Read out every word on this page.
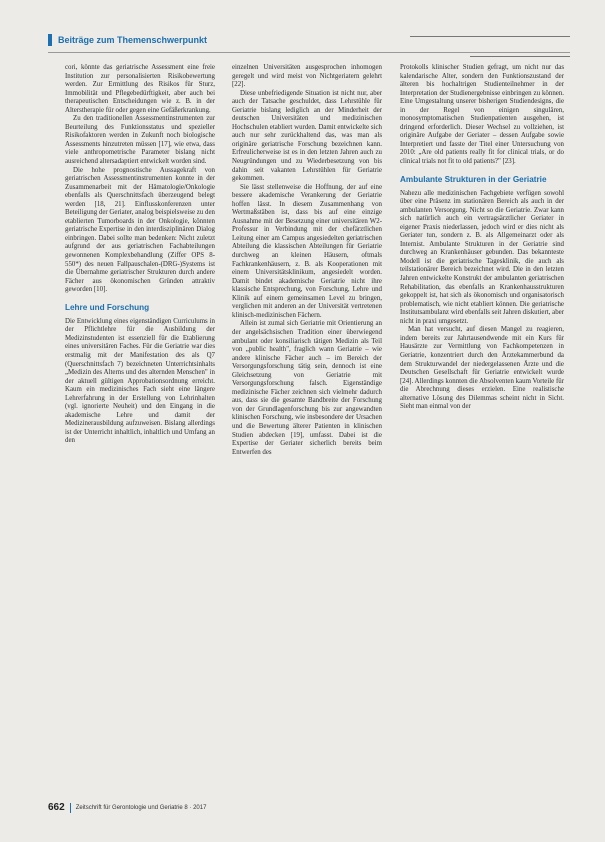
Beiträge zum Themenschwerpunkt

cori, könnte das geriatrische Assessment eine freie Institution zur personalisierten Risikobewertung werden. Zur Ermittlung des Risikos für Sturz, Immobilität und Pflegebedürftigkeit, aber auch bei therapeutischen Entscheidungen wie z. B. in der Alterstherapie für oder gegen eine Gefäßerkrankung.

Zu den traditionellen Assessmentinstrumenten zur Beurteilung des Funktionsstatus und spezieller Risikofaktoren werden in Zukunft noch biologische Assessments hinzutreten müssen [17], wie etwa, dass viele anthropometrische Parameter bislang nicht ausreichend altersadaptiert entwickelt worden sind.

Die hohe prognostische Aussagekraft von geriatrischen Assessmentinstrumenten konnte in der Zusammenarbeit mit der Hämatologie/Onkologie ebenfalls als Querschnittsfach überzeugend belegt werden [18, 21]. Einflusskonferenzen unter Beteiligung der Geriater, analog beispielsweise zu den etablierten Tumorboards in der Onkologie, könnten geriatrische Expertise in den interdisziplinären Dialog einbringen. Dabei sollte man bedenken: Nicht zuletzt aufgrund der aus geriatrischen Fachabteilungen gewonnenen Komplexbehandlung (Ziffer OPS 8-550*) des neuen Fallpauschalen-(DRG-)Systems ist die Übernahme geriatrischer Strukturen durch andere Fächer aus ökonomischen Gründen attraktiv geworden [10].

Lehre und Forschung

Die Entwicklung eines eigenständigen Curriculums in der Pflichtlehre für die Ausbildung der Medizinstudenten ist essenziell für die Etablierung eines universitären Faches. Für die Geriatrie war dies erstmalig mit der Manifestation des als Q7 (Querschnittsfach 7) bezeichneten Unterrichtsinhalts „Medizin des Alterns und des alternden Menschen" in der aktuell gültigen Approbationsordnung erreicht. Kaum ein medizinisches Fach sieht eine längere Lehrerfahrung in der Erstellung von Lehrinhalten (vgl. ignorierte Neuheit) und den Eingang in die akademische Lehre und damit der Medizinerausbildung aufzuweisen. Bislang allerdings ist der Unterricht inhaltlich, inhaltlich und Umfang an den

einzelnen Universitäten ausgesprochen inhomogen geregelt und wird meist von Nichtgeriatern gelehrt [22].

Diese unbefriedigende Situation ist nicht nur, aber auch der Tatsache geschuldet, dass Lehrstühle für Geriatrie bislang lediglich an der Minderheit der deutschen Universitäten und medizinischen Hochschulen etabliert wurden. Damit entwickelte sich auch nur sehr zurückhaltend das, was man als originäre geriatrische Forschung bezeichnen kann. Erfreulicherweise ist es in den letzten Jahren auch zu Neugründungen und zu Wiederbesetzung von bis dahin seit vakanten Lehrstühlen für Geriatrie gekommen.

Sie lässt stellenweise die Hoffnung, der auf eine bessere akademische Verankerung der Geriatrie hoffen lässt. In diesem Zusammenhang von Wertmaßstäben ist, dass bis auf eine einzige Ausnahme mit der Besetzung einer universitären W2-Professur in Verbindung mit der chefärztlichen Leitung einer am Campus angesiedelten geriatrischen Abteilung die klassischen Abteilungen für Geriatrie durchweg an kleinen Häusern, oftmals Fachkrankenhäusern, z. B. als Kooperationen mit einem Universitätsklinikum, angesiedelt worden. Damit bindet akademische Geriatrie nicht ihre klassische Entsprechung, von Forschung, Lehre und Klinik auf einem gemeinsamen Level zu bringen, verglichen mit anderen an der Universität vertretenen klinisch-medizinischen Fächern.

Allein ist zumal sich Geriatrie mit Orientierung an der angelsächsischen Tradition einer überwiegend ambulant oder konsiliarisch tätigen Medizin als Teil von „public health", fraglich wann Geriatrie – wie andere klinische Fächer auch – im Bereich der Versorgungsforschung tätig sein, dennoch ist eine Gleichsetzung von Geriatrie mit Versorgungsforschung falsch. Eigenständige medizinische Fächer zeichnen sich vielmehr dadurch aus, dass sie die gesamte Bandbreite der Forschung von der Grundlagenforschung bis zur angewandten klinischen Forschung, wie insbesondere der Ursachen und die Bewertung älterer Patienten in klinischen Studien abdecken [19], umfasst. Dabei ist die Expertise der Geriater sicherlich bereits beim Entwerfen des

Protokolls klinischer Studien gefragt, um nicht nur das kalendarische Alter, sondern den Funktionszustand der älteren bis hochaltrigen Studienteilnehmer in der Interpretation der Studienergebnisse einbringen zu können. Eine Umgestaltung unserer bisherigen Studiendesigns, die in der Regel von einigen singulären, monosymptomatischen Studienpatienten ausgehen, ist dringend erforderlich. Dieser Wechsel zu vollziehen, ist originäre Aufgabe der Geriater – dessen Aufgabe sowie Interpretiert und fasste der Titel einer Untersuchung von 2010: „Are old patients really fit for clinical trials, or do clinical trials not fit to old patients?" [23].

Ambulante Strukturen in der Geriatrie

Nahezu alle medizinischen Fachgebiete verfügen sowohl über eine Präsenz im stationären Bereich als auch in der ambulanten Versorgung. Nicht so die Geriatrie. Zwar kann sich natürlich auch ein vertragsärztlicher Geriater in eigener Praxis niederlassen, jedoch wird er dies nicht als Geriater tun, sondern z. B. als Allgemeinarzt oder als Internist. Ambulante Strukturen in der Geriatrie sind durchweg an Krankenhäuser gebunden. Das bekannteste Modell ist die geriatrische Tagesklinik, die auch als teilstationärer Bereich bezeichnet wird. Die in den letzten Jahren entwickelte Konstrukt der ambulanten geriatrischen Rehabilitation, das ebenfalls an Krankenhausstrukturen gekoppelt ist, hat sich als ökonomisch und organisatorisch problematisch, wie nicht etabliert können. Die geriatrische Institutsambulanz wird ebenfalls seit Jahren diskutiert, aber nicht in praxi umgesetzt.

Man hat versucht, auf diesen Mangel zu reagieren, indem bereits zur Jahrtausendwende mit ein Kurs für Hausärzte zur Vermittlung von Fachkompetenzen in Geriatrie, konzentriert durch den Ärztekammerbund da dem Strukturwandel der niedergelassenen Ärzte und die Deutschen Gesellschaft für Geriatrie entwickelt wurde [24]. Allerdings konnten die Absolventen kaum Vorteile für die Abrechnung dieses erzielen. Eine realistische alternative Lösung des Dilemmas scheint nicht in Sicht. Sieht man einmal von der

662 Zeitschrift für Gerontologie und Geriatrie 8 · 2017
